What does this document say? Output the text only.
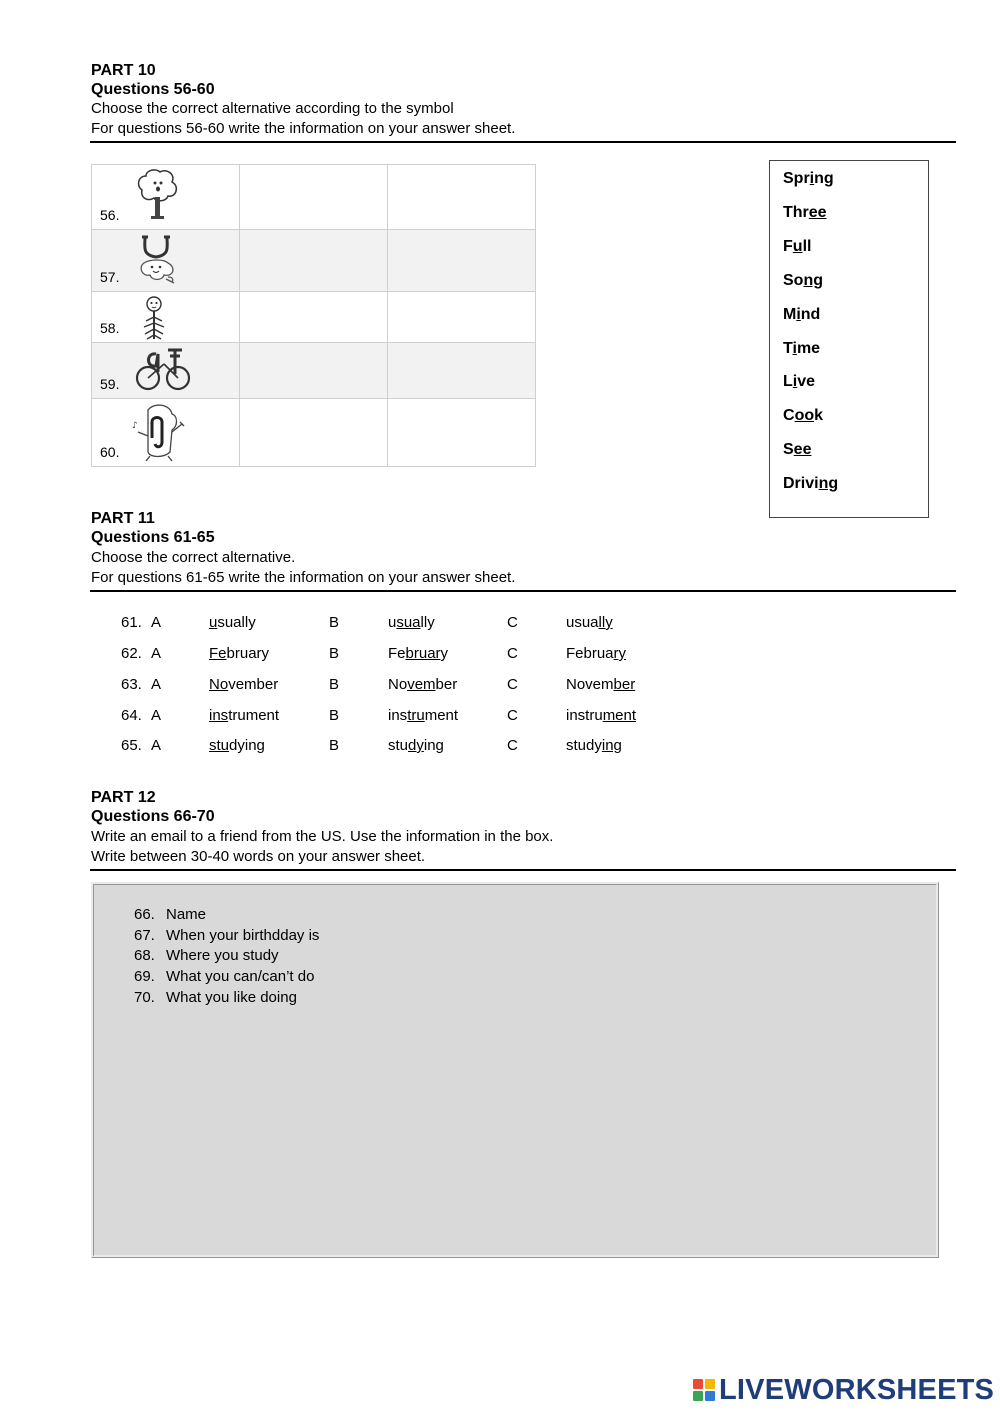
PART 10
Questions 56-60
Choose the correct alternative according to the symbol
For questions 56-60 write the information on your answer sheet.
56.		

57.		

58.		

59.		

60.
♪		

Spring
Three
Full
Song
Mind
Time
Live
Cook
See
Driving
PART 11
Questions 61-65
Choose the correct alternative.
For questions 61-65 write the information on your answer sheet.
61. A	usually	B	usually	C	usually
62. A	February	B	February	C	February
63. A	November	B	November	C	November
64. A	instrument	B	instrument	C	instrument
65. A	studying	B	studying	C	studying
PART 12
Questions 66-70
Write an email to a friend from the US. Use the information in the box.
Write between 30-40 words on your answer sheet.
66. Name
67. When your birthdday is
68. Where you study
69. What you can/can’t do
70. What you like doing
LIVEWORKSHEETS
